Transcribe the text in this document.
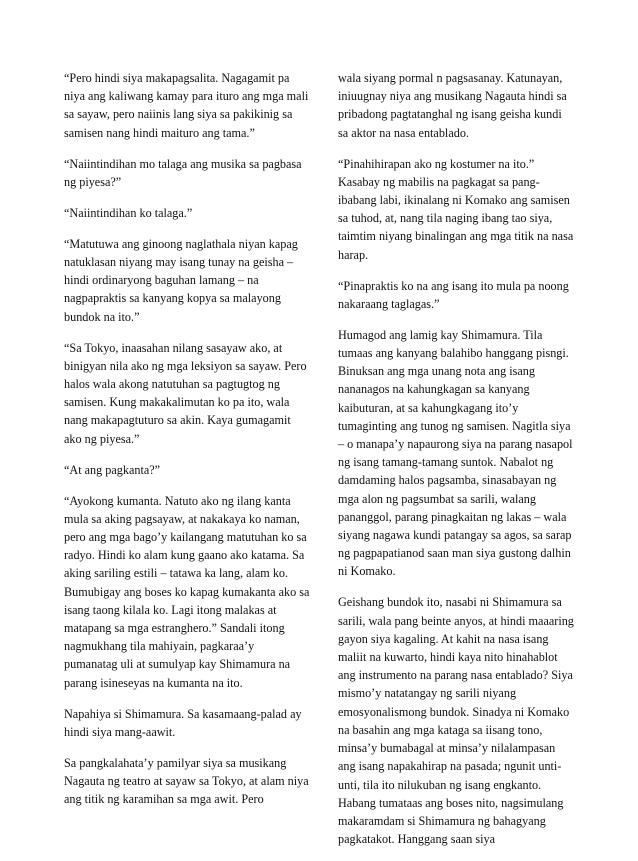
“Pero hindi siya makapagsalita. Nagagamit pa niya ang kaliwang kamay para ituro ang mga mali sa sayaw, pero naiinis lang siya sa pakikinig sa samisen nang hindi maituro ang tama.”

“Naiintindihan mo talaga ang musika sa pagbasa ng piyesa?”

“Naiintindihan ko talaga.”

“Matutuwa ang ginoong naglathala niyan kapag natuklasan niyang may isang tunay na geisha – hindi ordinaryong baguhan lamang – na nagpapraktis sa kanyang kopya sa malayong bundok na ito.”

“Sa Tokyo, inaasahan nilang sasayaw ako, at binigyan nila ako ng mga leksiyon sa sayaw. Pero halos wala akong natutuhan sa pagtugtog ng samisen. Kung makakalimutan ko pa ito, wala nang makapagtuturo sa akin. Kaya gumagamit ako ng piyesa.”

“At ang pagkanta?”

“Ayokong kumanta. Natuto ako ng ilang kanta mula sa aking pagsayaw, at nakakaya ko naman, pero ang mga bago’y kailangang matutuhan ko sa radyo. Hindi ko alam kung gaano ako katama. Sa aking sariling estili – tatawa ka lang, alam ko. Bumubigay ang boses ko kapag kumakanta ako sa isang taong kilala ko. Lagi itong malakas at matapang sa mga estranghero.” Sandali itong nagmukhang tila mahiyain, pagkaraa’y pumanatag uli at sumulyap kay Shimamura na parang isineseyas na kumanta na ito.

Napahiya si Shimamura. Sa kasamaang-palad ay hindi siya mang-aawit.

Sa pangkalahata’y pamilyar siya sa musikang Nagauta ng teatro at sayaw sa Tokyo, at alam niya ang titik ng karamihan sa mga awit. Pero

wala siyang pormal n pagsasanay. Katunayan, iniuugnay niya ang musikang Nagauta hindi sa pribadong pagtatanghal ng isang geisha kundi sa aktor na nasa entablado.

“Pinahihirapan ako ng kostumer na ito.” Kasabay ng mabilis na pagkagat sa pang-ibabang labi, ikinalang ni Komako ang samisen sa tuhod, at, nang tila naging ibang tao siya, taimtim niyang binalingan ang mga titik na nasa harap.

“Pinapraktis ko na ang isang ito mula pa noong nakaraang taglagas.”

Humagod ang lamig kay Shimamura. Tila tumaas ang kanyang balahibo hanggang pisngi. Binuksan ang mga unang nota ang isang nananagos na kahungkagan sa kanyang kaibuturan, at sa kahungkagang ito’y tumaginting ang tunog ng samisen. Nagitla siya – o manapa’y napaurong siya na parang nasapol ng isang tamang-tamang suntok. Nabalot ng damdaming halos pagsamba, sinasabayan ng mga alon ng pagsumbat sa sarili, walang pananggol, parang pinagkaitan ng lakas – wala siyang nagawa kundi patangay sa agos, sa sarap ng pagpapatianod saan man siya gustong dalhin ni Komako.

Geishang bundok ito, nasabi ni Shimamura sa sarili, wala pang beinte anyos, at hindi maaaring gayon siya kagaling. At kahit na nasa isang maliit na kuwarto, hindi kaya nito hinahablot ang instrumento na parang nasa entablado? Siya mismo’y natatangay ng sarili niyang emosyonalismong bundok. Sinadya ni Komako na basahin ang mga kataga sa iisang tono, minsa’y bumabagal at minsa’y nilalampasan ang isang napakahirap na pasada; ngunit unti-unti, tila ito nilukuban ng isang engkanto. Habang tumataas ang boses nito, nagsimulang makaramdam si Shimamura ng bahagyang pagkatakot. Hanggang saan siya
